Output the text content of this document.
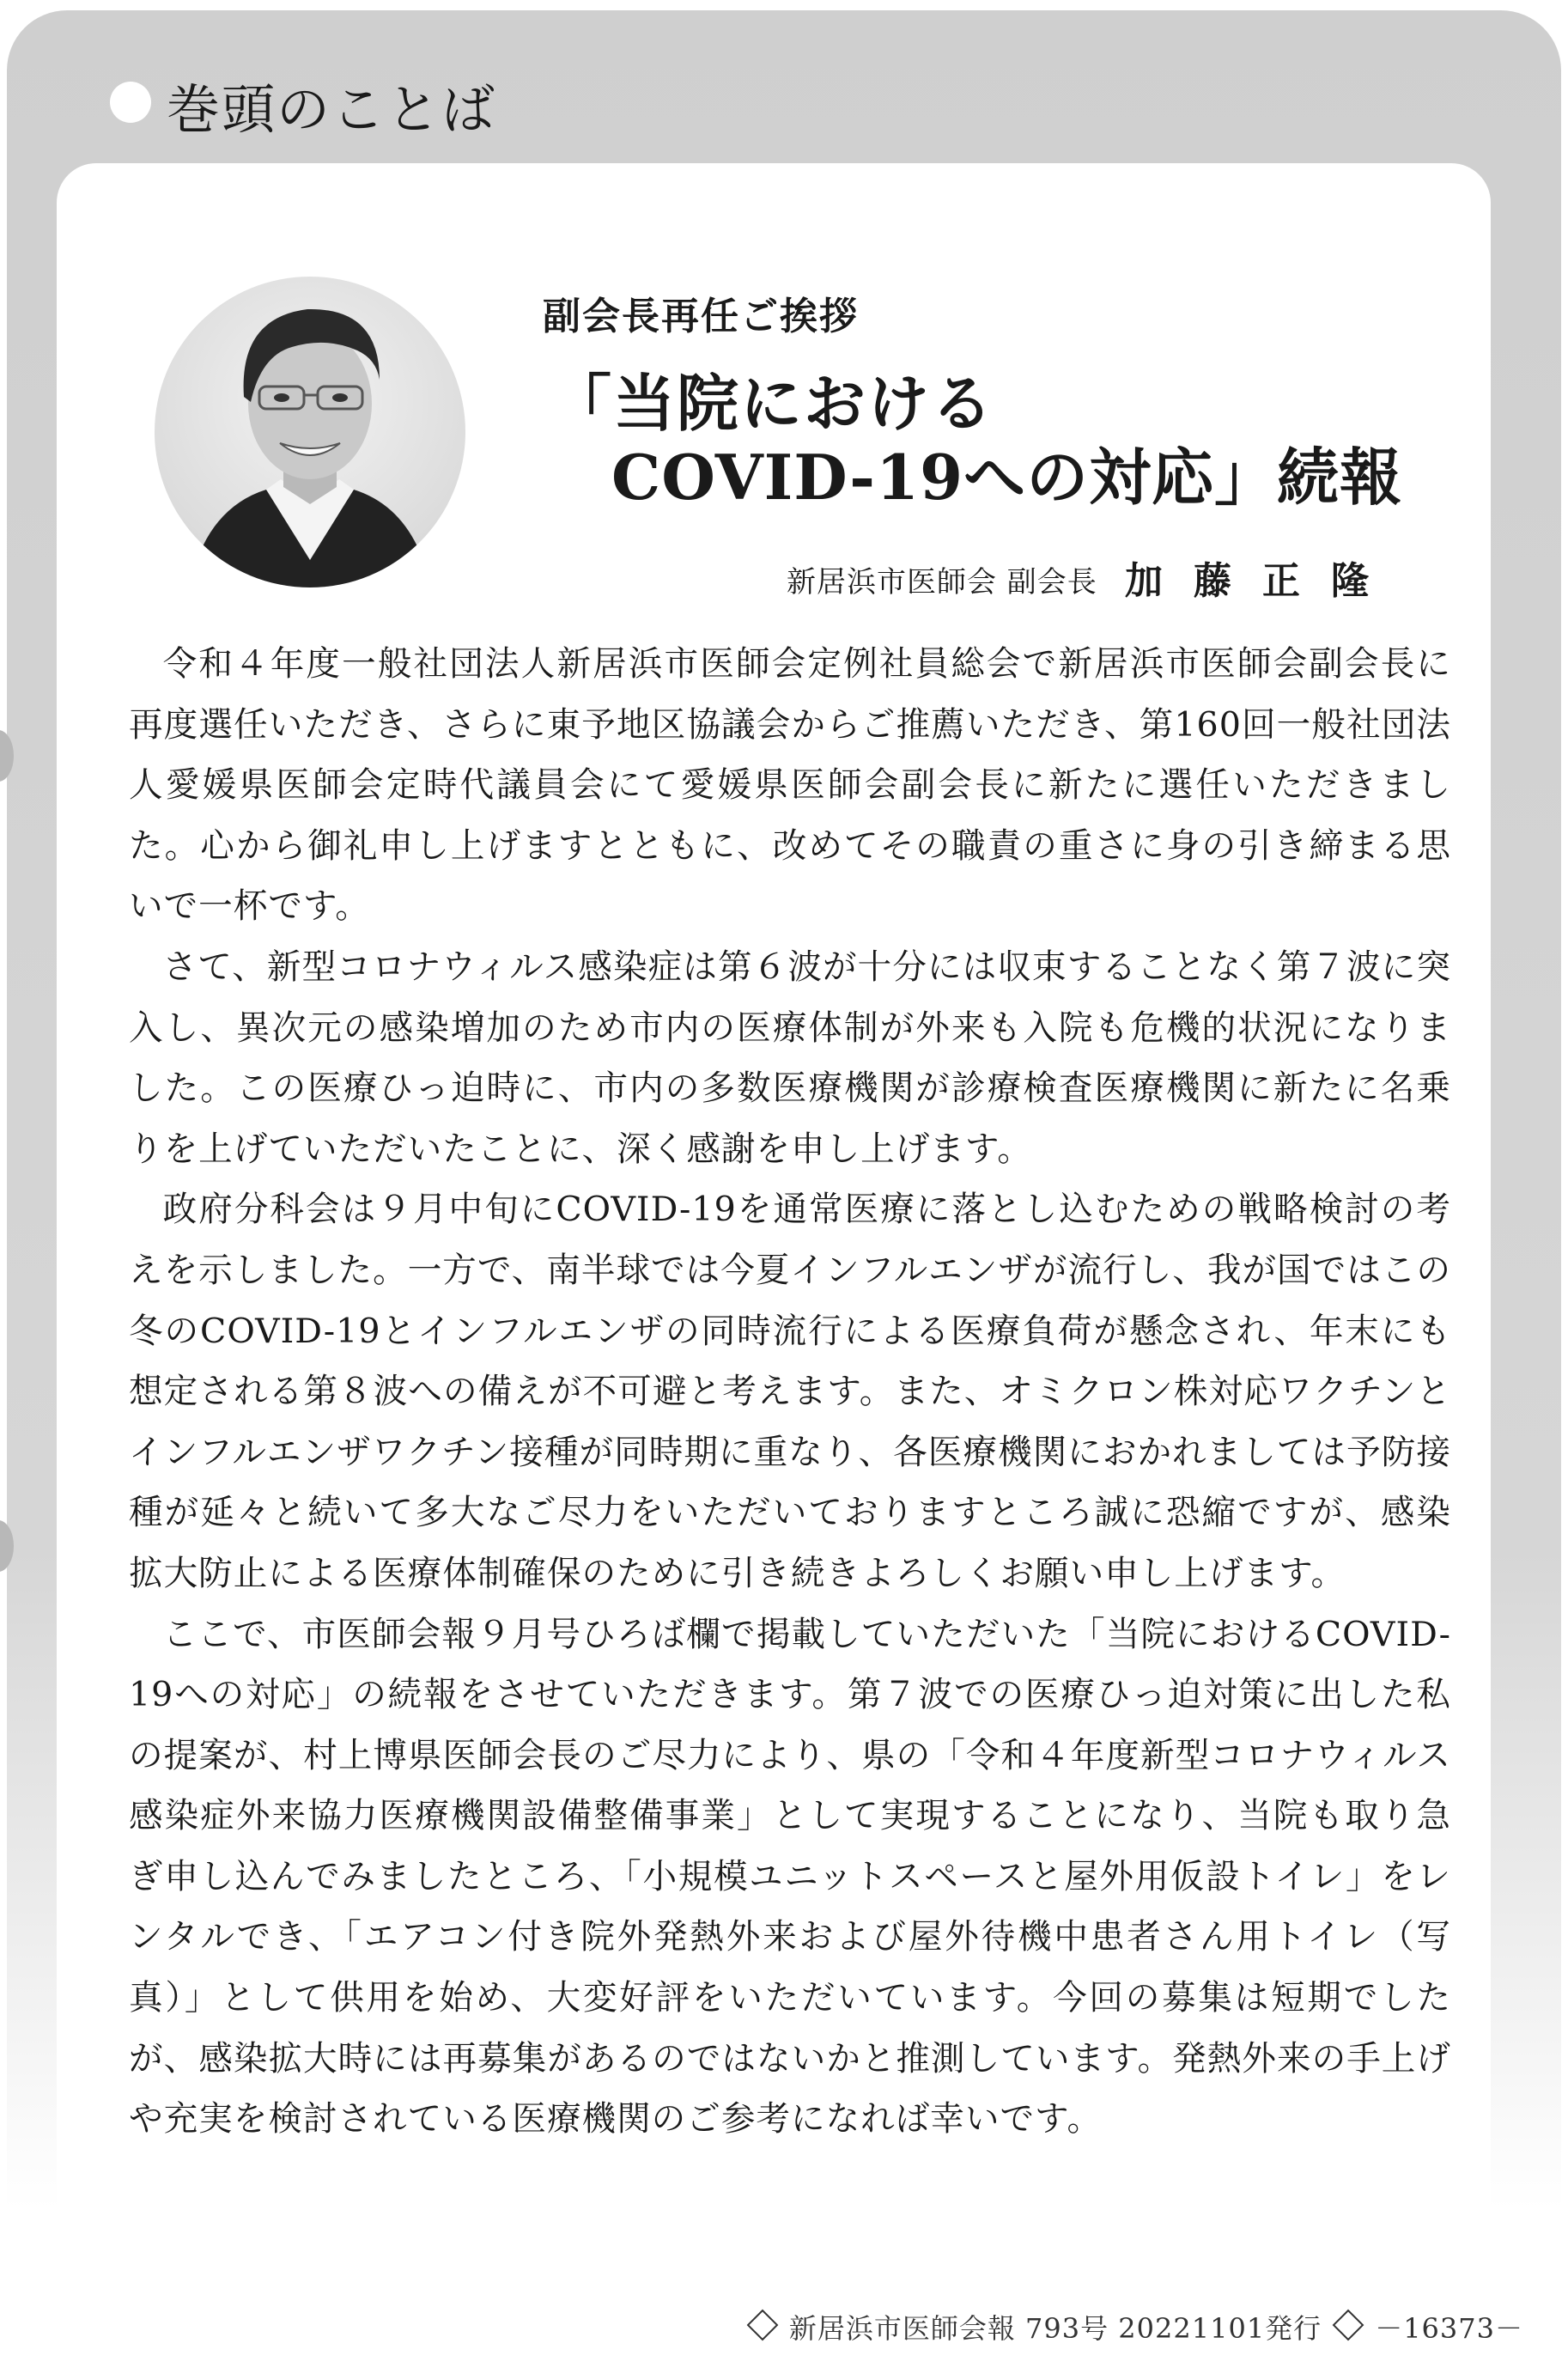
巻頭のことば
副会長再任ご挨拶
「当院における
COVID-19への対応」続報
新居浜市医師会 副会長 加藤正隆

令和４年度一般社団法人新居浜市医師会定例社員総会で新居浜市医師会副会長に再度選任いただき、さらに東予地区協議会からご推薦いただき、第160回一般社団法人愛媛県医師会定時代議員会にて愛媛県医師会副会長に新たに選任いただきました。心から御礼申し上げますとともに、改めてその職責の重さに身の引き締まる思いで一杯です。

さて、新型コロナウィルス感染症は第６波が十分には収束することなく第７波に突入し、異次元の感染増加のため市内の医療体制が外来も入院も危機的状況になりました。この医療ひっ迫時に、市内の多数医療機関が診療検査医療機関に新たに名乗りを上げていただいたことに、深く感謝を申し上げます。

政府分科会は９月中旬にCOVID-19を通常医療に落とし込むための戦略検討の考えを示しました。一方で、南半球では今夏インフルエンザが流行し、我が国ではこの冬のCOVID-19とインフルエンザの同時流行による医療負荷が懸念され、年末にも想定される第８波への備えが不可避と考えます。また、オミクロン株対応ワクチンとインフルエンザワクチン接種が同時期に重なり、各医療機関におかれましては予防接種が延々と続いて多大なご尽力をいただいておりますところ誠に恐縮ですが、感染拡大防止による医療体制確保のために引き続きよろしくお願い申し上げます。

ここで、市医師会報９月号ひろば欄で掲載していただいた「当院におけるCOVID-19への対応」の続報をさせていただきます。第７波での医療ひっ迫対策に出した私の提案が、村上博県医師会長のご尽力により、県の「令和４年度新型コロナウィルス感染症外来協力医療機関設備整備事業」として実現することになり、当院も取り急ぎ申し込んでみましたところ、「小規模ユニットスペースと屋外用仮設トイレ」をレンタルでき、「エアコン付き院外発熱外来および屋外待機中患者さん用トイレ（写真）」として供用を始め、大変好評をいただいています。今回の募集は短期でしたが、感染拡大時には再募集があるのではないかと推測しています。発熱外来の手上げや充実を検討されている医療機関のご参考になれば幸いです。

新居浜市医師会報 793号 20221101発行 －16373－
